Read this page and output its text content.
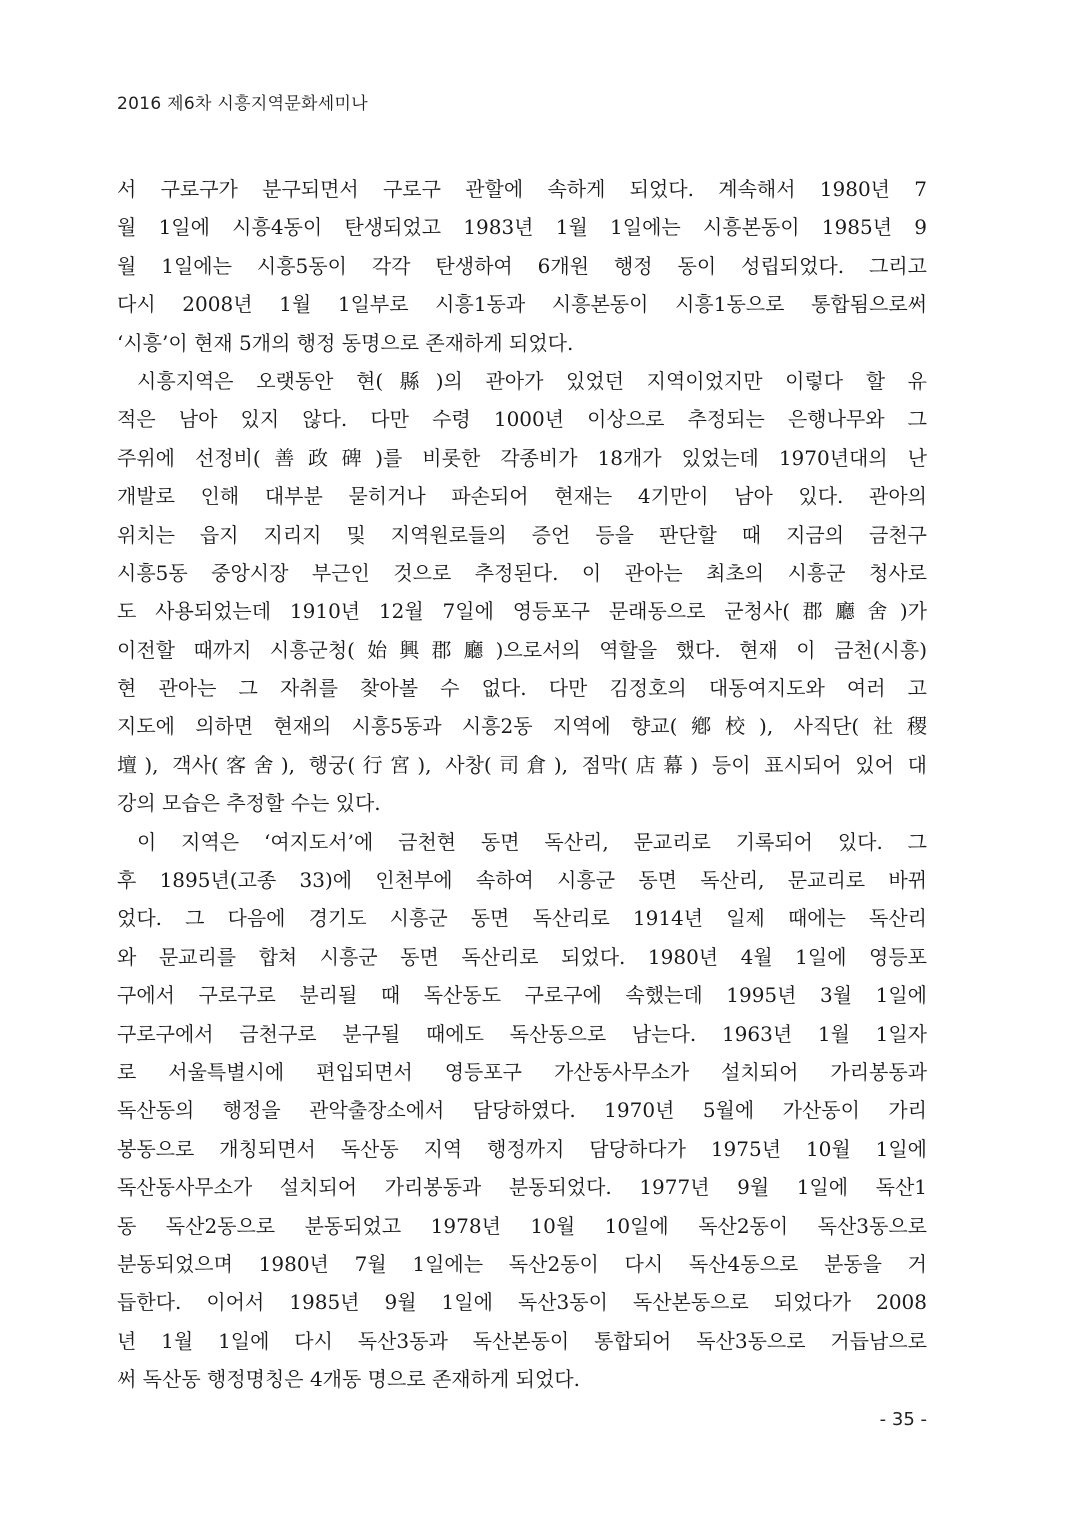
2016 제6차 시흥지역문화세미나

서 구로구가 분구되면서 구로구 관할에 속하게 되었다. 계속해서 1980년 7
월 1일에 시흥4동이 탄생되었고 1983년 1월 1일에는 시흥본동이 1985년 9
월 1일에는 시흥5동이 각각 탄생하여 6개원 행정 동이 성립되었다. 그리고
다시 2008년 1월 1일부로 시흥1동과 시흥본동이 시흥1동으로 통합됨으로써
‘시흥’이 현재 5개의 행정 동명으로 존재하게 되었다.

시흥지역은 오랫동안 현(縣)의 관아가 있었던 지역이었지만 이렇다 할 유
적은 남아 있지 않다. 다만 수령 1000년 이상으로 추정되는 은행나무와 그
주위에 선정비(善政碑)를 비롯한 각종비가 18개가 있었는데 1970년대의 난
개발로 인해 대부분 묻히거나 파손되어 현재는 4기만이 남아 있다. 관아의
위치는 읍지 지리지 및 지역원로들의 증언 등을 판단할 때 지금의 금천구
시흥5동 중앙시장 부근인 것으로 추정된다. 이 관아는 최초의 시흥군 청사로
도 사용되었는데 1910년 12월 7일에 영등포구 문래동으로 군청사(郡廳舍)가
이전할 때까지 시흥군청(始興郡廳)으로서의 역할을 했다. 현재 이 금천(시흥)
현 관아는 그 자취를 찾아볼 수 없다. 다만 김정호의 대동여지도와 여러 고
지도에 의하면 현재의 시흥5동과 시흥2동 지역에 향교(鄕校), 사직단(社稷
壇), 객사(客舍), 행궁(行宮), 사창(司倉), 점막(店幕) 등이 표시되어 있어 대
강의 모습은 추정할 수는 있다.

이 지역은 ‘여지도서’에 금천현 동면 독산리, 문교리로 기록되어 있다. 그
후 1895년(고종 33)에 인천부에 속하여 시흥군 동면 독산리, 문교리로 바뀌
었다. 그 다음에 경기도 시흥군 동면 독산리로 1914년 일제 때에는 독산리
와 문교리를 합쳐 시흥군 동면 독산리로 되었다. 1980년 4월 1일에 영등포
구에서 구로구로 분리될 때 독산동도 구로구에 속했는데 1995년 3월 1일에
구로구에서 금천구로 분구될 때에도 독산동으로 남는다. 1963년 1월 1일자
로 서울특별시에 편입되면서 영등포구 가산동사무소가 설치되어 가리봉동과
독산동의 행정을 관악출장소에서 담당하였다. 1970년 5월에 가산동이 가리
봉동으로 개칭되면서 독산동 지역 행정까지 담당하다가 1975년 10월 1일에
독산동사무소가 설치되어 가리봉동과 분동되었다. 1977년 9월 1일에 독산1
동 독산2동으로 분동되었고 1978년 10월 10일에 독산2동이 독산3동으로
분동되었으며 1980년 7월 1일에는 독산2동이 다시 독산4동으로 분동을 거
듭한다. 이어서 1985년 9월 1일에 독산3동이 독산본동으로 되었다가 2008
년 1월 1일에 다시 독산3동과 독산본동이 통합되어 독산3동으로 거듭남으로
써 독산동 행정명칭은 4개동 명으로 존재하게 되었다.

- 35 -
